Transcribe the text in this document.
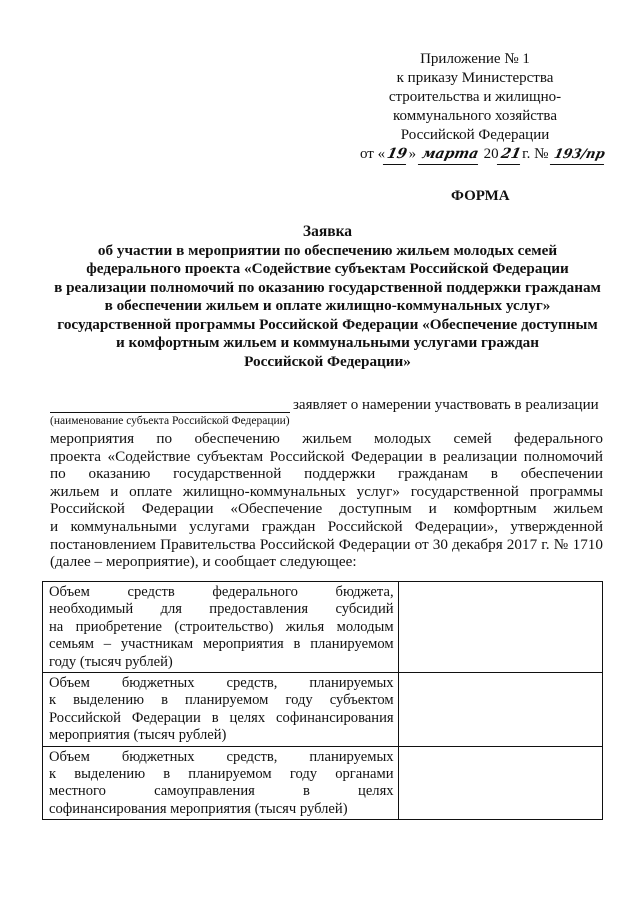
Приложение № 1
к приказу Министерства
строительства и жилищно-
коммунального хозяйства
Российской Федерации
от «19» марта 2021г. № 193/пр
ФОРМА
Заявка
об участии в мероприятии по обеспечению жильем молодых семей
федерального проекта «Содействие субъектам Российской Федерации
в реализации полномочий по оказанию государственной поддержки гражданам
в обеспечении жильем и оплате жилищно-коммунальных услуг»
государственной программы Российской Федерации «Обеспечение доступным
и комфортным жильем и коммунальными услугами граждан
Российской Федерации»
заявляет о намерении участвовать в реализации
(наименование субъекта Российской Федерации)
мероприятия по обеспечению жильем молодых семей федерального
проекта «Содействие субъектам Российской Федерации в реализации полномочий
по оказанию государственной поддержки гражданам в обеспечении
жильем и оплате жилищно-коммунальных услуг» государственной программы
Российской Федерации «Обеспечение доступным и комфортным жильем
и коммунальными услугами граждан Российской Федерации», утвержденной
постановлением Правительства Российской Федерации от 30 декабря 2017 г. № 1710
(далее – мероприятие), и сообщает следующее:
Объем средств федерального бюджета,
необходимый для предоставления субсидий
на приобретение (строительство) жилья молодым
семьям – участникам мероприятия в планируемом
году (тысяч рублей)	

Объем бюджетных средств, планируемых
к выделению в планируемом году субъектом
Российской Федерации в целях софинансирования
мероприятия (тысяч рублей)	

Объем бюджетных средств, планируемых
к выделению в планируемом году органами
местного самоуправления в целях
софинансирования мероприятия (тысяч рублей)	
